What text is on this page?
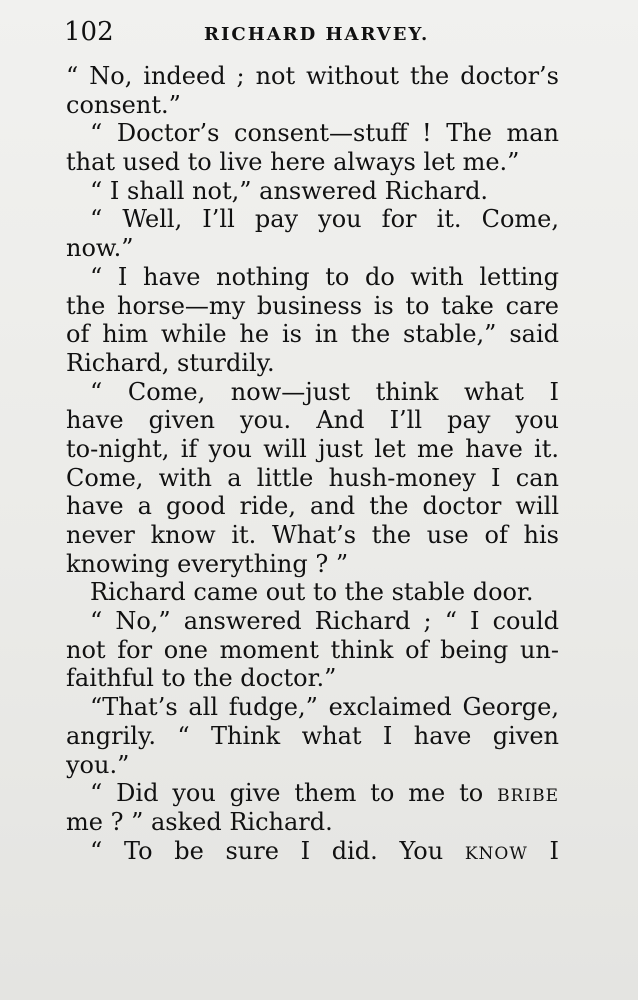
102	RICHARD HARVEY.
“ No, indeed ; not without the doctor’s
consent.”
“ Doctor’s consent—stuff ! The man
that used to live here always let me.”
“ I shall not,” answered Richard.
“ Well, I’ll pay you for it. Come,
now.”
“ I have nothing to do with letting
the horse—my business is to take care
of him while he is in the stable,” said
Richard, sturdily.
“ Come, now—just think what I
have given you. And I’ll pay you
to-night, if you will just let me have it.
Come, with a little hush-money I can
have a good ride, and the doctor will
never know it. What’s the use of his
knowing everything ? ”
Richard came out to the stable door.
“ No,” answered Richard ; “ I could
not for one moment think of being un-
faithful to the doctor.”
“That’s all fudge,” exclaimed George,
angrily. “ Think what I have given
you.”
“ Did you give them to me to bribe
me ? ” asked Richard.
“ To be sure I did. You know I
